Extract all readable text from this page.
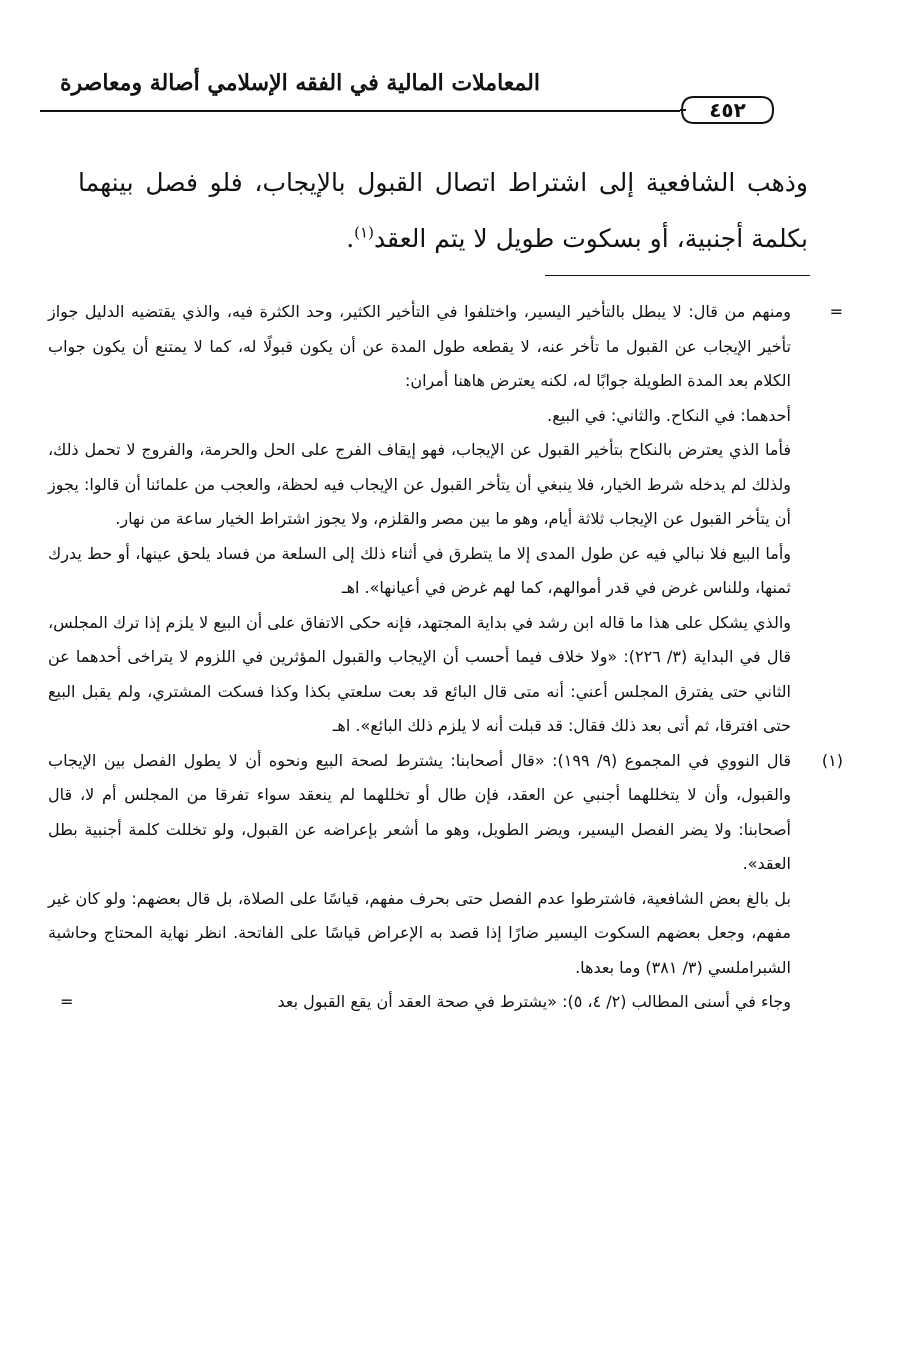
المعاملات المالية في الفقه الإسلامي أصالة ومعاصرة
٤٥٢

وذهب الشافعية إلى اشتراط اتصال القبول بالإيجاب، فلو فصل بينهما بكلمة أجنبية، أو بسكوت طويل لا يتم العقد$^{(١)}$.

=
ومنهم من قال: لا يبطل بالتأخير اليسير، واختلفوا في التأخير الكثير، وحد الكثرة فيه، والذي يقتضيه الدليل جواز تأخير الإيجاب عن القبول ما تأخر عنه، لا يقطعه طول المدة عن أن يكون قبولًا له، كما لا يمتنع أن يكون جواب الكلام بعد المدة الطويلة جوابًا له، لكنه يعترض هاهنا أمران:

أحدهما: في النكاح. والثاني: في البيع.

فأما الذي يعترض بالنكاح بتأخير القبول عن الإيجاب، فهو إيقاف الفرج على الحل والحرمة، والفروج لا تحمل ذلك، ولذلك لم يدخله شرط الخيار، فلا ينبغي أن يتأخر القبول عن الإيجاب فيه لحظة، والعجب من علمائنا أن قالوا: يجوز أن يتأخر القبول عن الإيجاب ثلاثة أيام، وهو ما بين مصر والقلزم، ولا يجوز اشتراط الخيار ساعة من نهار.

وأما البيع فلا نبالي فيه عن طول المدى إلا ما يتطرق في أثناء ذلك إلى السلعة من فساد يلحق عينها، أو حط يدرك ثمنها، وللناس غرض في قدر أموالهم، كما لهم غرض في أعيانها». اهـ

والذي يشكل على هذا ما قاله ابن رشد في بداية المجتهد، فإنه حكى الاتفاق على أن البيع لا يلزم إذا ترك المجلس، قال في البداية (٣/ ٢٢٦): «ولا خلاف فيما أحسب أن الإيجاب والقبول المؤثرين في اللزوم لا يتراخى أحدهما عن الثاني حتى يفترق المجلس أعني: أنه متى قال البائع قد بعت سلعتي بكذا وكذا فسكت المشتري، ولم يقبل البيع حتى افترقا، ثم أتى بعد ذلك فقال: قد قبلت أنه لا يلزم ذلك البائع». اهـ

(١)
قال النووي في المجموع (٩/ ١٩٩): «قال أصحابنا: يشترط لصحة البيع ونحوه أن لا يطول الفصل بين الإيجاب والقبول، وأن لا يتخللهما أجنبي عن العقد، فإن طال أو تخللهما لم ينعقد سواء تفرقا من المجلس أم لا، قال أصحابنا: ولا يضر الفصل اليسير، ويضر الطويل، وهو ما أشعر بإعراضه عن القبول، ولو تخللت كلمة أجنبية بطل العقد».

بل بالغ بعض الشافعية، فاشترطوا عدم الفصل حتى بحرف مفهم، قياسًا على الصلاة، بل قال بعضهم: ولو كان غير مفهم، وجعل بعضهم السكوت اليسير ضارًا إذا قصد به الإعراض قياسًا على الفاتحة. انظر نهاية المحتاج وحاشية الشبراملسي (٣/ ٣٨١) وما بعدها.

وجاء في أسنى المطالب (٢/ ٤، ٥): «يشترط في صحة العقد أن يقع القبول بعد
=
